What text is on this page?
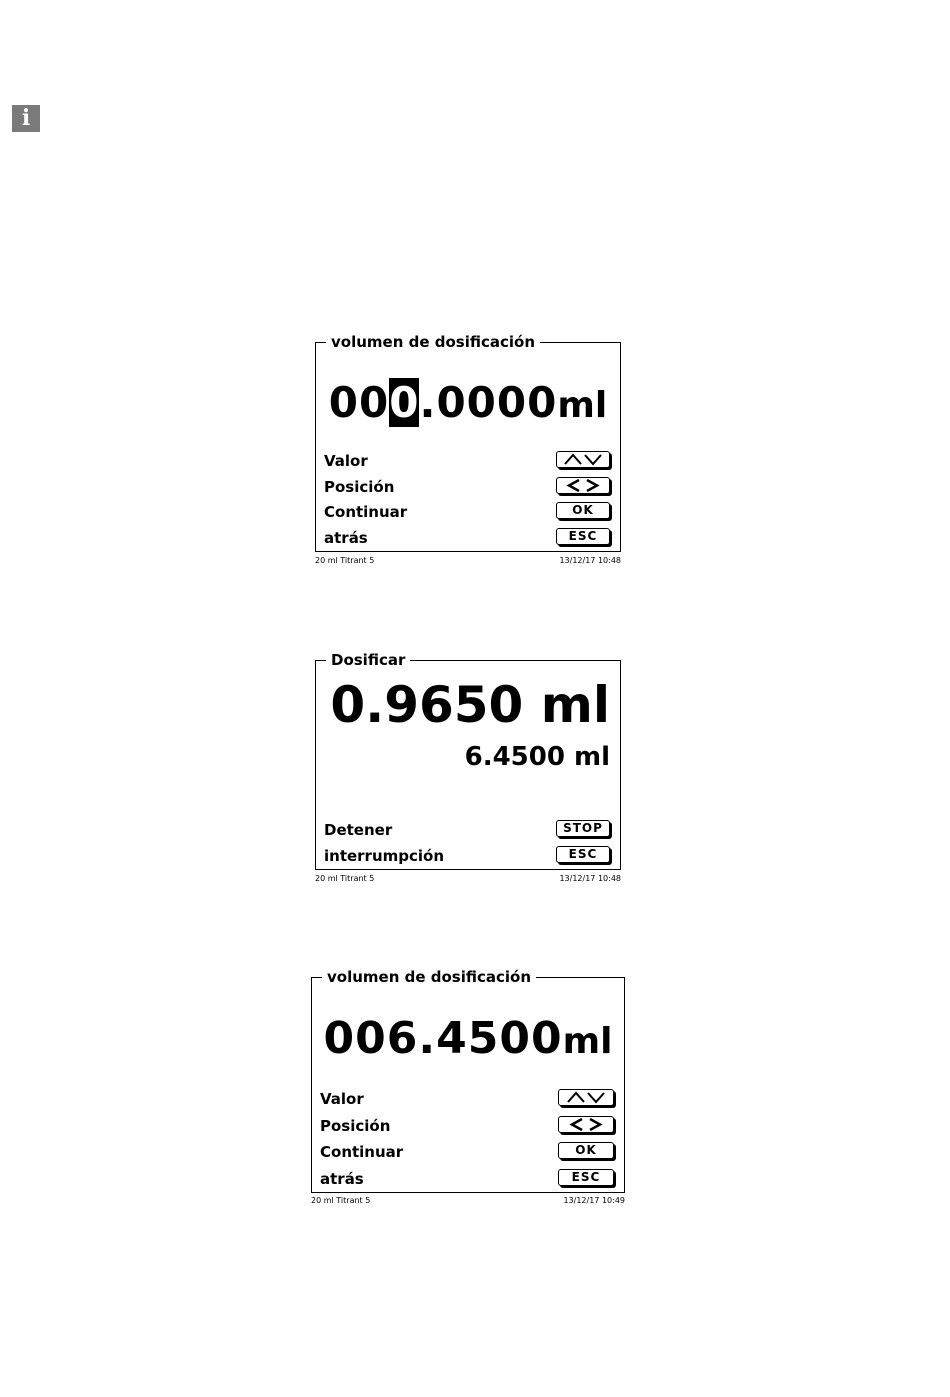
i
volumen de dosificación
000.0000ml
Valor
Posición
Continuar	OK
atrás	ESC
20 ml Titrant 5	13/12/17 10:48
Dosificar
0.9650 ml
6.4500 ml
Detener	STOP
interrumpción	ESC
20 ml Titrant 5	13/12/17 10:48
volumen de dosificación
006.4500ml
Valor
Posición
Continuar	OK
atrás	ESC
20 ml Titrant 5	13/12/17 10:49
